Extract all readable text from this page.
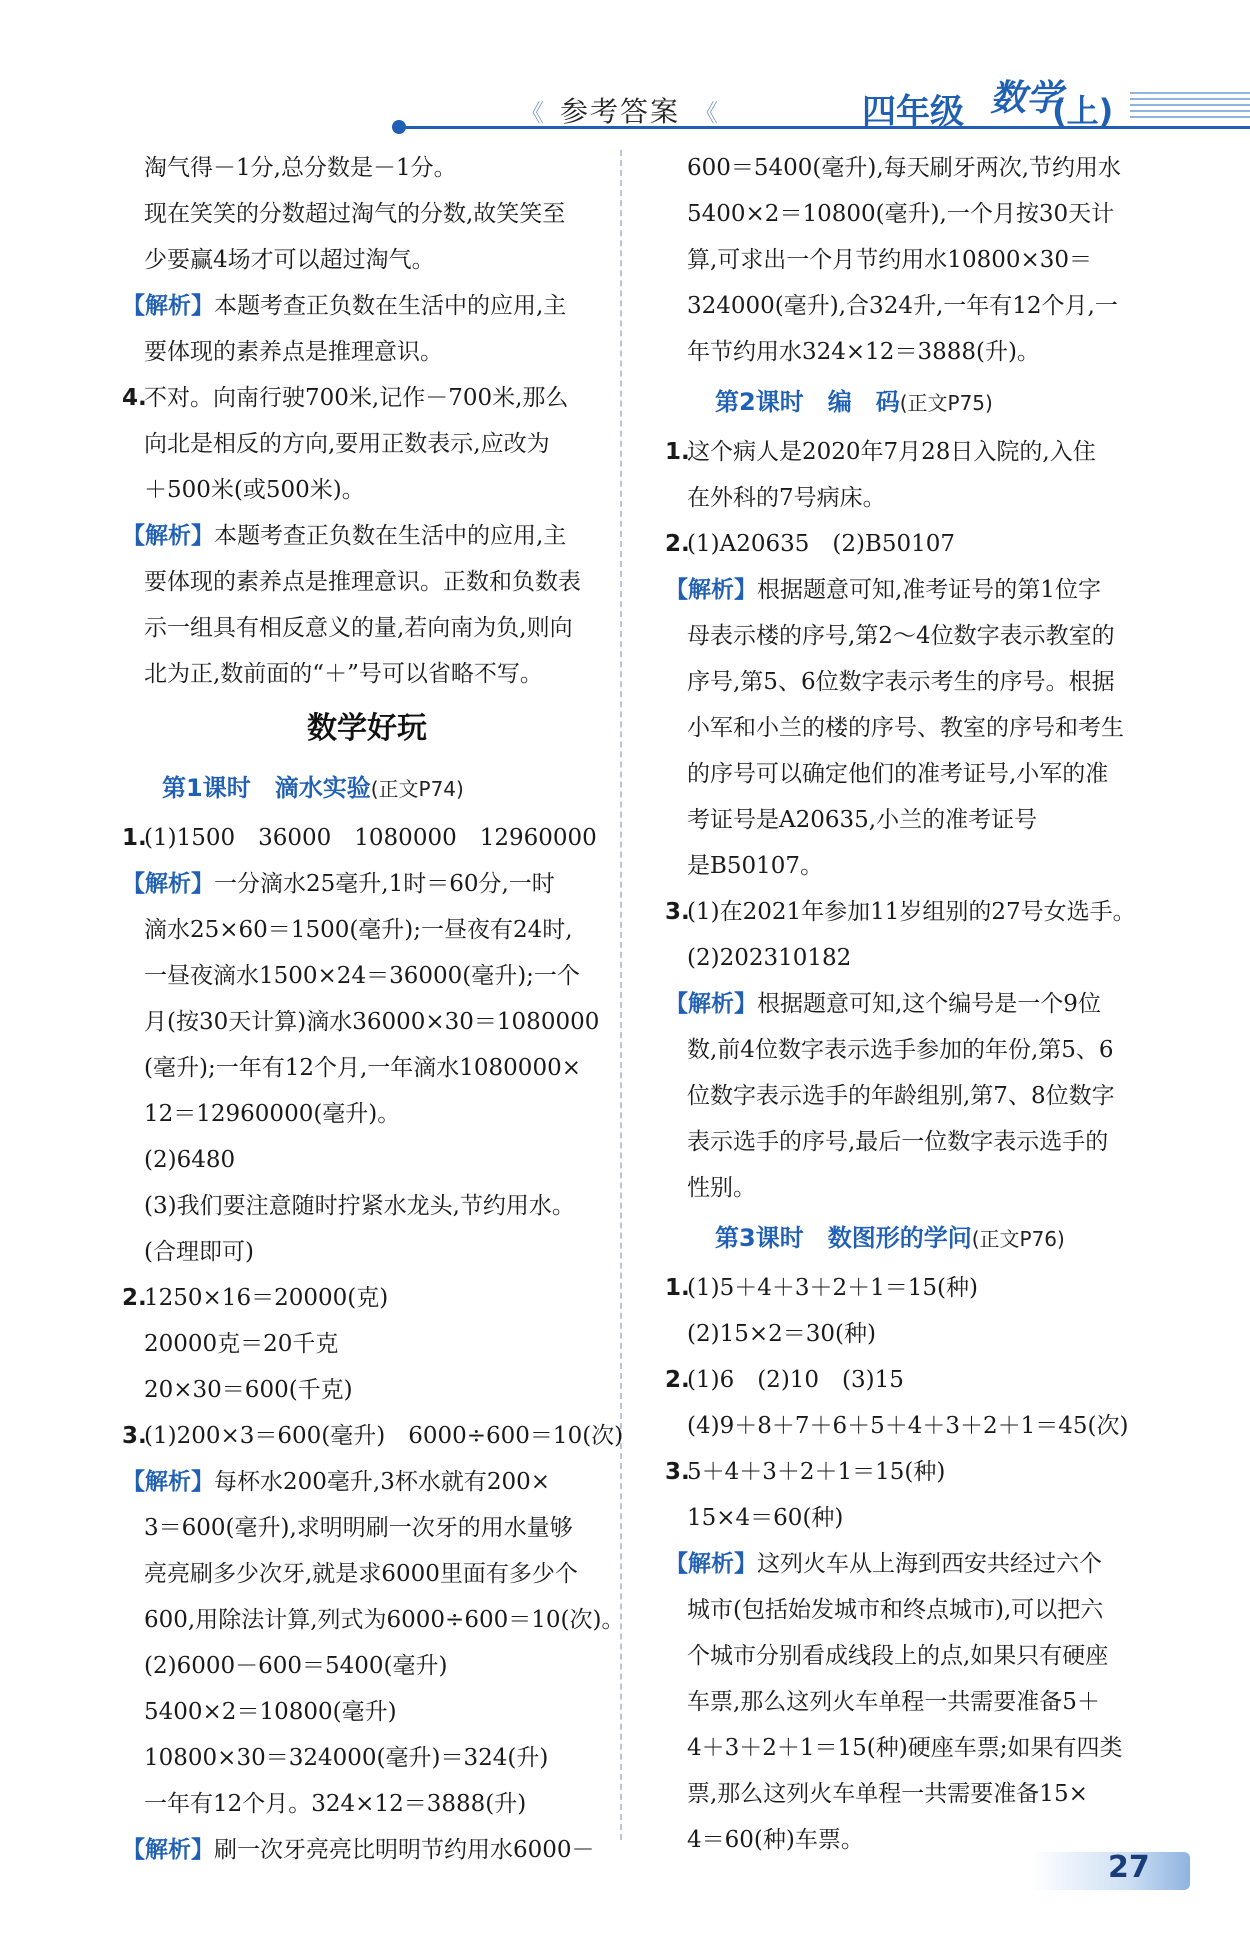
《 参考答案 《	四年级 数学
(上)
淘气得－1分,总分数是－1分。
现在笑笑的分数超过淘气的分数,故笑笑至
少要赢4场才可以超过淘气。
【解析】本题考查正负数在生活中的应用,主
要体现的素养点是推理意识。
4.不对。向南行驶700米,记作－700米,那么
向北是相反的方向,要用正数表示,应改为
＋500米(或500米)。
【解析】本题考查正负数在生活中的应用,主
要体现的素养点是推理意识。正数和负数表
示一组具有相反意义的量,若向南为负,则向
北为正,数前面的“＋”号可以省略不写。
数学好玩
第1课时　滴水实验(正文P74)
1.(1)1500　36000　1080000　12960000
【解析】一分滴水25毫升,1时＝60分,一时
滴水25×60＝1500(毫升);一昼夜有24时,
一昼夜滴水1500×24＝36000(毫升);一个
月(按30天计算)滴水36000×30＝1080000
(毫升);一年有12个月,一年滴水1080000×
12＝12960000(毫升)。
(2)6480
(3)我们要注意随时拧紧水龙头,节约用水。
(合理即可)
2.1250×16＝20000(克)
20000克＝20千克
20×30＝600(千克)
3.(1)200×3＝600(毫升)　6000÷600＝10(次)
【解析】每杯水200毫升,3杯水就有200×
3＝600(毫升),求明明刷一次牙的用水量够
亮亮刷多少次牙,就是求6000里面有多少个
600,用除法计算,列式为6000÷600＝10(次)。
(2)6000－600＝5400(毫升)
5400×2＝10800(毫升)
10800×30＝324000(毫升)＝324(升)
一年有12个月。324×12＝3888(升)
【解析】刷一次牙亮亮比明明节约用水6000－
600＝5400(毫升),每天刷牙两次,节约用水
5400×2＝10800(毫升),一个月按30天计
算,可求出一个月节约用水10800×30＝
324000(毫升),合324升,一年有12个月,一
年节约用水324×12＝3888(升)。
第2课时　编　码(正文P75)
1.这个病人是2020年7月28日入院的,入住
在外科的7号病床。
2.(1)A20635　(2)B50107
【解析】根据题意可知,准考证号的第1位字
母表示楼的序号,第2～4位数字表示教室的
序号,第5、6位数字表示考生的序号。根据
小军和小兰的楼的序号、教室的序号和考生
的序号可以确定他们的准考证号,小军的准
考证号是A20635,小兰的准考证号
是B50107。
3.(1)在2021年参加11岁组别的27号女选手。
(2)202310182
【解析】根据题意可知,这个编号是一个9位
数,前4位数字表示选手参加的年份,第5、6
位数字表示选手的年龄组别,第7、8位数字
表示选手的序号,最后一位数字表示选手的
性别。
第3课时　数图形的学问(正文P76)
1.(1)5＋4＋3＋2＋1＝15(种)
(2)15×2＝30(种)
2.(1)6　(2)10　(3)15
(4)9＋8＋7＋6＋5＋4＋3＋2＋1＝45(次)
3.5＋4＋3＋2＋1＝15(种)
15×4＝60(种)
【解析】这列火车从上海到西安共经过六个
城市(包括始发城市和终点城市),可以把六
个城市分别看成线段上的点,如果只有硬座
车票,那么这列火车单程一共需要准备5＋
4＋3＋2＋1＝15(种)硬座车票;如果有四类
票,那么这列火车单程一共需要准备15×
4＝60(种)车票。
27
